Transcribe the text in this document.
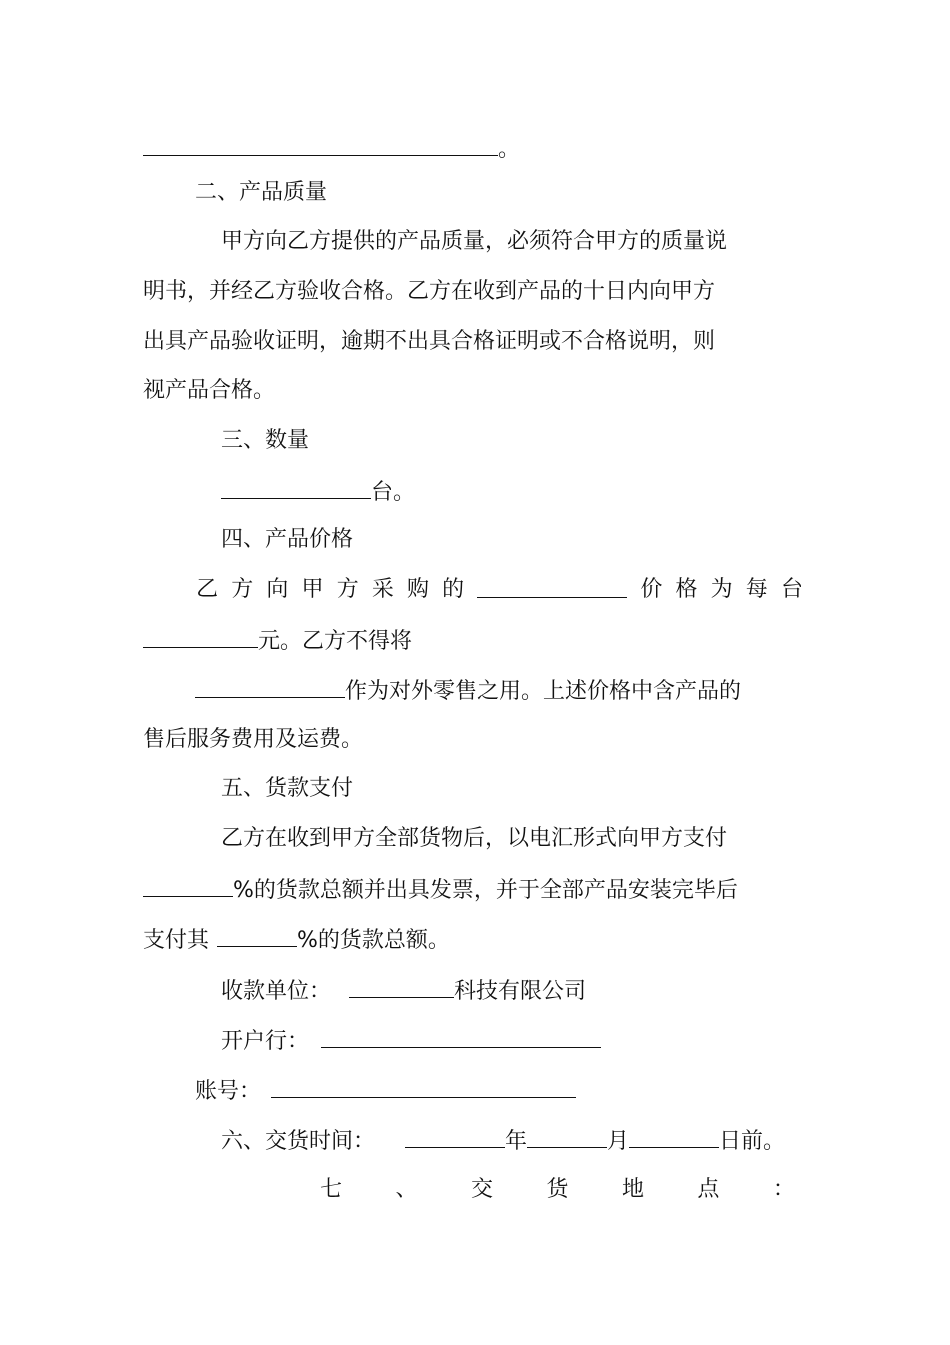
。
二、产品质量
甲方向乙方提供的产品质量，必须符合甲方的质量说
明书，并经乙方验收合格。乙方在收到产品的十日内向甲方
出具产品验收证明，逾期不出具合格证明或不合格说明，则
视产品合格。
三、数量
台。
四、产品价格
乙 方 向 甲 方 采 购 的	价 格 为 每 台
元。乙方不得将
作为对外零售之用。上述价格中含产品的
售后服务费用及运费。
五、货款支付
乙方在收到甲方全部货物后，以电汇形式向甲方支付
%的货款总额并出具发票，并于全部产品安装完毕后
支付其	%的货款总额。
收款单位：	科技有限公司
开户行：
账号：
六、交货时间：	年	月	日前。
七 、 交 货 地 点 ：
